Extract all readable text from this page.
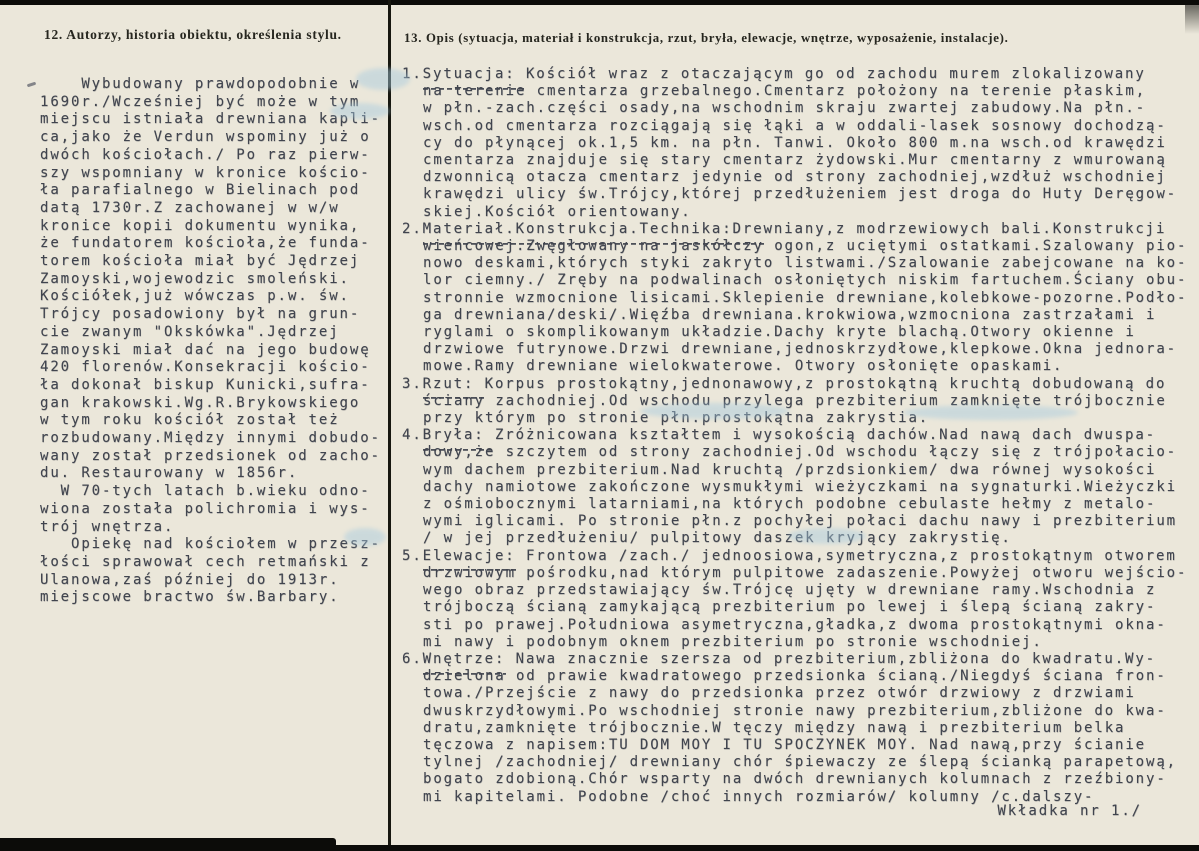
12. Autorzy, historia obiektu, określenia stylu.	13. Opis (sytuacja, materiał i konstrukcja, rzut, bryła, elewacje, wnętrze, wyposażenie, instalacje).
Wybudowany prawdopodobnie w
1690r./Wcześniej być może w tym
miejscu istniała drewniana kapli-
ca,jako że Verdun wspominy już o
dwóch kościołach./ Po raz pierw-
szy wspomniany w kronice kościo-
ła parafialnego w Bielinach pod
datą 1730r.Z zachowanej w w/w
kronice kopii dokumentu wynika,
że fundatorem kościoła,że funda-
torem kościoła miał być Jędrzej
Zamoyski,wojewodzic smoleński.
Kościółek,już wówczas p.w. św.
Trójcy posadowiony był na grun-
cie zwanym "Okskówka".Jędrzej
Zamoyski miał dać na jego budowę
420 florenów.Konsekracji kościo-
ła dokonał biskup Kunicki,sufra-
gan krakowski.Wg.R.Brykowskiego
w tym roku kościół został też
rozbudowany.Między innymi dobudo-
wany został przedsionek od zacho-
du. Restaurowany w 1856r.
W 70-tych latach b.wieku odno-
wiona została polichromia i wys-
trój wnętrza.
Opiekę nad kościołem w przesz-
łości sprawował cech retmański z
Ulanowa,zaś później do 1913r.
miejscowe bractwo św.Barbary.
1.Sytuacja: Kościół wraz z otaczającym go od zachodu murem zlokalizowany
na terenie cmentarza grzebalnego.Cmentarz położony na terenie płaskim,
w płn.-zach.części osady,na wschodnim skraju zwartej zabudowy.Na płn.-
wsch.od cmentarza rozciągają się łąki a w oddali-lasek sosnowy dochodzą-
cy do płynącej ok.1,5 km. na płn. Tanwi. Około 800 m.na wsch.od krawędzi
cmentarza znajduje się stary cmentarz żydowski.Mur cmentarny z wmurowaną
dzwonnicą otacza cmentarz jedynie od strony zachodniej,wzdłuż wschodniej
krawędzi ulicy św.Trójcy,której przedłużeniem jest droga do Huty Deręgow-
skiej.Kościół orientowany.
2.Materiał.Konstrukcja.Technika:Drewniany,z modrzewiowych bali.Konstrukcji
wieńcowej.Zwęgłowany na jaskółczy ogon,z uciętymi ostatkami.Szalowany pio-
nowo deskami,których styki zakryto listwami./Szalowanie zabejcowane na ko-
lor ciemny./ Zręby na podwalinach osłoniętych niskim fartuchem.Ściany obu-
stronnie wzmocnione lisicami.Sklepienie drewniane,kolebkowe-pozorne.Podło-
ga drewniana/deski/.Więźba drewniana.krokwiowa,wzmocniona zastrzałami i
ryglami o skomplikowanym układzie.Dachy kryte blachą.Otwory okienne i
drzwiowe futrynowe.Drzwi drewniane,jednoskrzydłowe,klepkowe.Okna jednora-
mowe.Ramy drewniane wielokwaterowe. Otwory osłonięte opaskami.
3.Rzut: Korpus prostokątny,jednonawowy,z prostokątną kruchtą dobudowaną do
ściany zachodniej.Od wschodu przylega prezbiterium zamknięte trójbocznie
przy którym po stronie płn.prostokątna zakrystia.
4.Bryła: Zróżnicowana kształtem i wysokością dachów.Nad nawą dach dwuspa-
dowy,że szczytem od strony zachodniej.Od wschodu łączy się z trójpołacio-
wym dachem prezbiterium.Nad kruchtą /przdsionkiem/ dwa równej wysokości
dachy namiotowe zakończone wysmukłymi wieżyczkami na sygnaturki.Wieżyczki
z ośmiobocznymi latarniami,na których podobne cebulaste hełmy z metalo-
wymi iglicami. Po stronie płn.z pochyłej połaci dachu nawy i prezbiterium
/ w jej przedłużeniu/ pulpitowy daszek kryjący zakrystię.
5.Elewacje: Frontowa /zach./ jednoosiowa,symetryczna,z prostokątnym otworem
drzwiowym pośrodku,nad którym pulpitowe zadaszenie.Powyżej otworu wejścio-
wego obraz przedstawiający św.Trójcę ujęty w drewniane ramy.Wschodnia z
trójboczą ścianą zamykającą prezbiterium po lewej i ślepą ścianą zakry-
sti po prawej.Południowa asymetryczna,gładka,z dwoma prostokątnymi okna-
mi nawy i podobnym oknem prezbiterium po stronie wschodniej.
6.Wnętrze: Nawa znacznie szersza od prezbiterium,zbliżona do kwadratu.Wy-
dzielona od prawie kwadratowego przedsionka ścianą./Niegdyś ściana fron-
towa./Przejście z nawy do przedsionka przez otwór drzwiowy z drzwiami
dwuskrzydłowymi.Po wschodniej stronie nawy prezbiterium,zbliżone do kwa-
dratu,zamknięte trójbocznie.W tęczy między nawą i prezbiterium belka
tęczowa z napisem:TU DOM MOY I TU SPOCZYNEK MOY. Nad nawą,przy ścianie
tylnej /zachodniej/ drewniany chór śpiewaczy ze ślepą ścianką parapetową,
bogato zdobioną.Chór wsparty na dwóch drewnianych kolumnach z rzeźbiony-
mi kapitelami. Podobne /choć innych rozmiarów/ kolumny /c.dalszy-
Wkładka nr 1./
